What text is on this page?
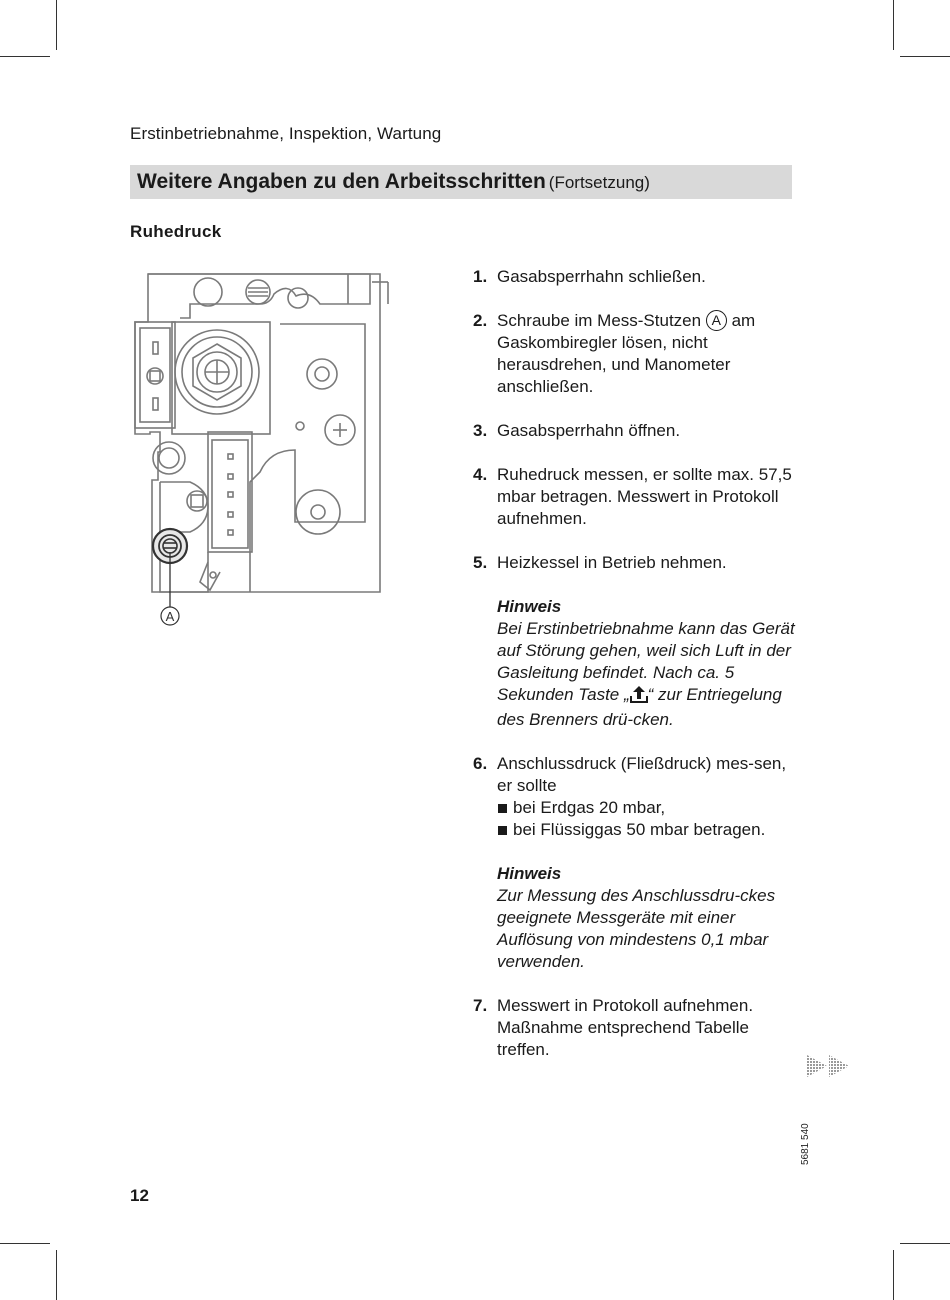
Erstinbetriebnahme, Inspektion, Wartung
Weitere Angaben zu den Arbeitsschritten (Fortsetzung)
Ruhedruck
A
1. Gasabsperrhahn schließen.

2. Schraube im Mess-Stutzen A am Gaskombiregler lösen, nicht herausdrehen, und Manometer anschließen.

3. Gasabsperrhahn öffnen.

4. Ruhedruck messen, er sollte max. 57,5 mbar betragen. Messwert in Protokoll aufnehmen.

5. Heizkessel in Betrieb nehmen.

Hinweis

Bei Erstinbetriebnahme kann das Gerät auf Störung gehen, weil sich Luft in der Gasleitung befindet. Nach ca. 5 Sekunden Taste „ “ zur Entriegelung des Brenners drü-cken.

6. Anschlussdruck (Fließdruck) mes-sen, er sollte

bei Erdgas 20 mbar,
bei Flüssiggas 50 mbar betragen.
Hinweis

Zur Messung des Anschlussdru-ckes geeignete Messgeräte mit einer Auflösung von mindestens 0,1 mbar verwenden.

7. Messwert in Protokoll aufnehmen. Maßnahme entsprechend Tabelle treffen.

5681 540
12
